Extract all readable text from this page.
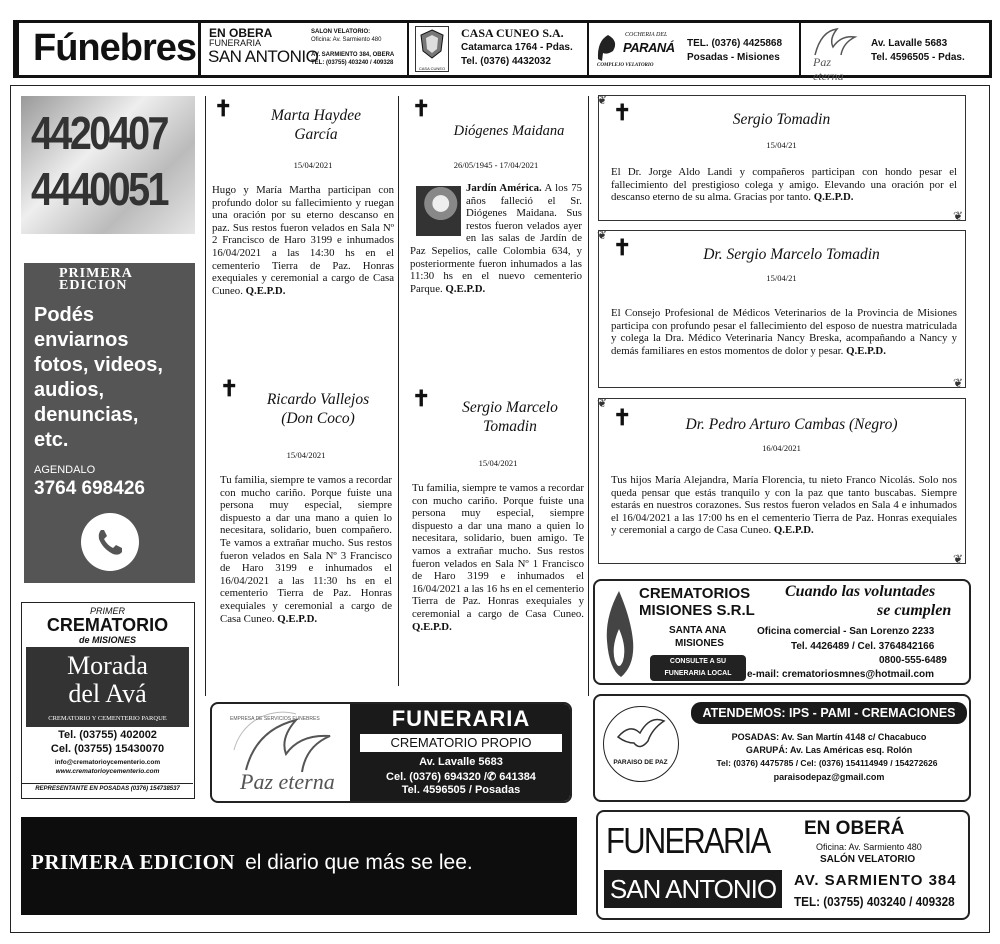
Fúnebres EN OBERA
FUNERARIA
SAN ANTONIO
SALON VELATORIO:
Oficina: Av. Sarmiento 480
AV. SARMIENTO 384, OBERA
TEL: (03755) 403240 / 409328
CASA CUNEO
CASA CUNEO S.A.
Catamarca 1764 - Pdas.
Tel. (0376) 4432032
COCHERIA DEL
PARANÁ
COMPLEJO VELATORIO
TEL. (0376) 4425868
Posadas - Misiones	Paz eterna
Av. Lavalle 5683
Tel. 4596505 - Pdas.
4420407
4440051
PRIMERA
EDICION
Podés
enviarnos
fotos, videos,
audios,
denuncias,
etc.
AGENDALO
3764 698426
PRIMER
CREMATORIO
de MISIONES
Morada
del Avá
CREMATORIO Y CEMENTERIO PARQUE
Tel. (03755) 402002
Cel. (03755) 15430070
info@crematorioycementerio.com
www.crematorioycementerio.com
REPRESENTANTE EN POSADAS (0376) 154738537
✝	Marta Haydee
García
15/04/2021
Hugo y María Martha participan con profundo dolor su fallecimiento y ruegan una oración por su eterno descanso en paz. Sus restos fueron velados en Sala Nº 2 Francisco de Haro 3199 e inhumados 16/04/2021 a las 14:30 hs en el cementerio Tierra de Paz. Honras exequiales y ceremonial a cargo de Casa Cuneo. Q.E.P.D.
✝	Ricardo Vallejos
(Don Coco)
15/04/2021
Tu familia, siempre te vamos a recordar con mucho cariño. Porque fuiste una persona muy especial, siempre dispuesto a dar una mano a quien lo necesitara, solidario, buen compañero. Te vamos a extrañar mucho. Sus restos fueron velados en Sala Nº 3 Francisco de Haro 3199 e inhumados el 16/04/2021 a las 11:30 hs en el cementerio Tierra de Paz. Honras exequiales y ceremonial a cargo de Casa Cuneo. Q.E.P.D.
✝
Diógenes Maidana
26/05/1945 - 17/04/2021
Jardín América. A los 75 años falleció el Sr. Diógenes Maidana. Sus restos fueron velados ayer en las salas de Jardín de Paz Sepelios, calle Colombia 634, y posteriormente fueron inhumados a las 11:30 hs en el nuevo cementerio Parque. Q.E.P.D.
✝	Sergio Marcelo
Tomadin
15/04/2021
Tu familia, siempre te vamos a recordar con mucho cariño. Porque fuiste una persona muy especial, siempre dispuesto a dar una mano a quien lo necesitara, solidario, buen amigo. Te vamos a extrañar mucho. Sus restos fueron velados en Sala Nº 1 Francisco de Haro 3199 e inhumados el 16/04/2021 a las 16 hs en el cementerio Tierra de Paz. Honras exequiales y ceremonial a cargo de Casa Cuneo. Q.E.P.D.
❦
❦
✝	Sergio Tomadin
15/04/21
El Dr. Jorge Aldo Landi y compañeros participan con hondo pesar el fallecimiento del prestigioso colega y amigo. Elevando una oración por el descanso eterno de su alma. Gracias por tanto. Q.E.P.D.
❦
❦
✝	Dr. Sergio Marcelo Tomadin
15/04/21
El Consejo Profesional de Médicos Veterinarios de la Provincia de Misiones participa con profundo pesar el fallecimiento del esposo de nuestra matriculada y colega la Dra. Médico Veterinaria Nancy Breska, acompañando a Nancy y demás familiares en estos momentos de dolor y pesar. Q.E.P.D.
❦
❦
✝	Dr. Pedro Arturo Cambas (Negro)
16/04/2021
Tus hijos María Alejandra, María Florencia, tu nieto Franco Nicolás. Solo nos queda pensar que estás tranquilo y con la paz que tanto buscabas. Siempre estarás en nuestros corazones. Sus restos fueron velados en Sala 4 e inhumados el 16/04/2021 a las 17:00 hs en el cementerio Tierra de Paz. Honras exequiales y ceremonial a cargo de Casa Cuneo. Q.E.P.D.
CREMATORIOS
MISIONES S.R.L
Cuando las voluntades
se cumplen
SANTA ANA
MISIONES
CONSULTE A SU
FUNERARIA LOCAL
Oficina comercial - San Lorenzo 2233
Tel. 4426489 / Cel. 3764842166
0800-555-6489
e-mail: crematoriosmnes@hotmail.com
EMPRESA DE SERVICIOS FUNEBRES
Paz eterna
FUNERARIA
CREMATORIO PROPIO
Av. Lavalle 5683
Cel. (0376) 694320 /✆ 641384
Tel. 4596505 / Posadas
PARAISO DE PAZ
ATENDEMOS: IPS - PAMI - CREMACIONES
POSADAS: Av. San Martín 4148 c/ Chacabuco
GARUPÁ: Av. Las Américas esq. Rolón
Tel: (0376) 4475785 / Cel: (0376) 154114949 / 154272626
paraisodepaz@gmail.com
PRIMERA EDICION el diario que más se lee.
FUNERARIA
SAN ANTONIO
EN OBERÁ
Oficina: Av. Sarmiento 480
SALÓN VELATORIO
AV. SARMIENTO 384
TEL: (03755) 403240 / 409328
